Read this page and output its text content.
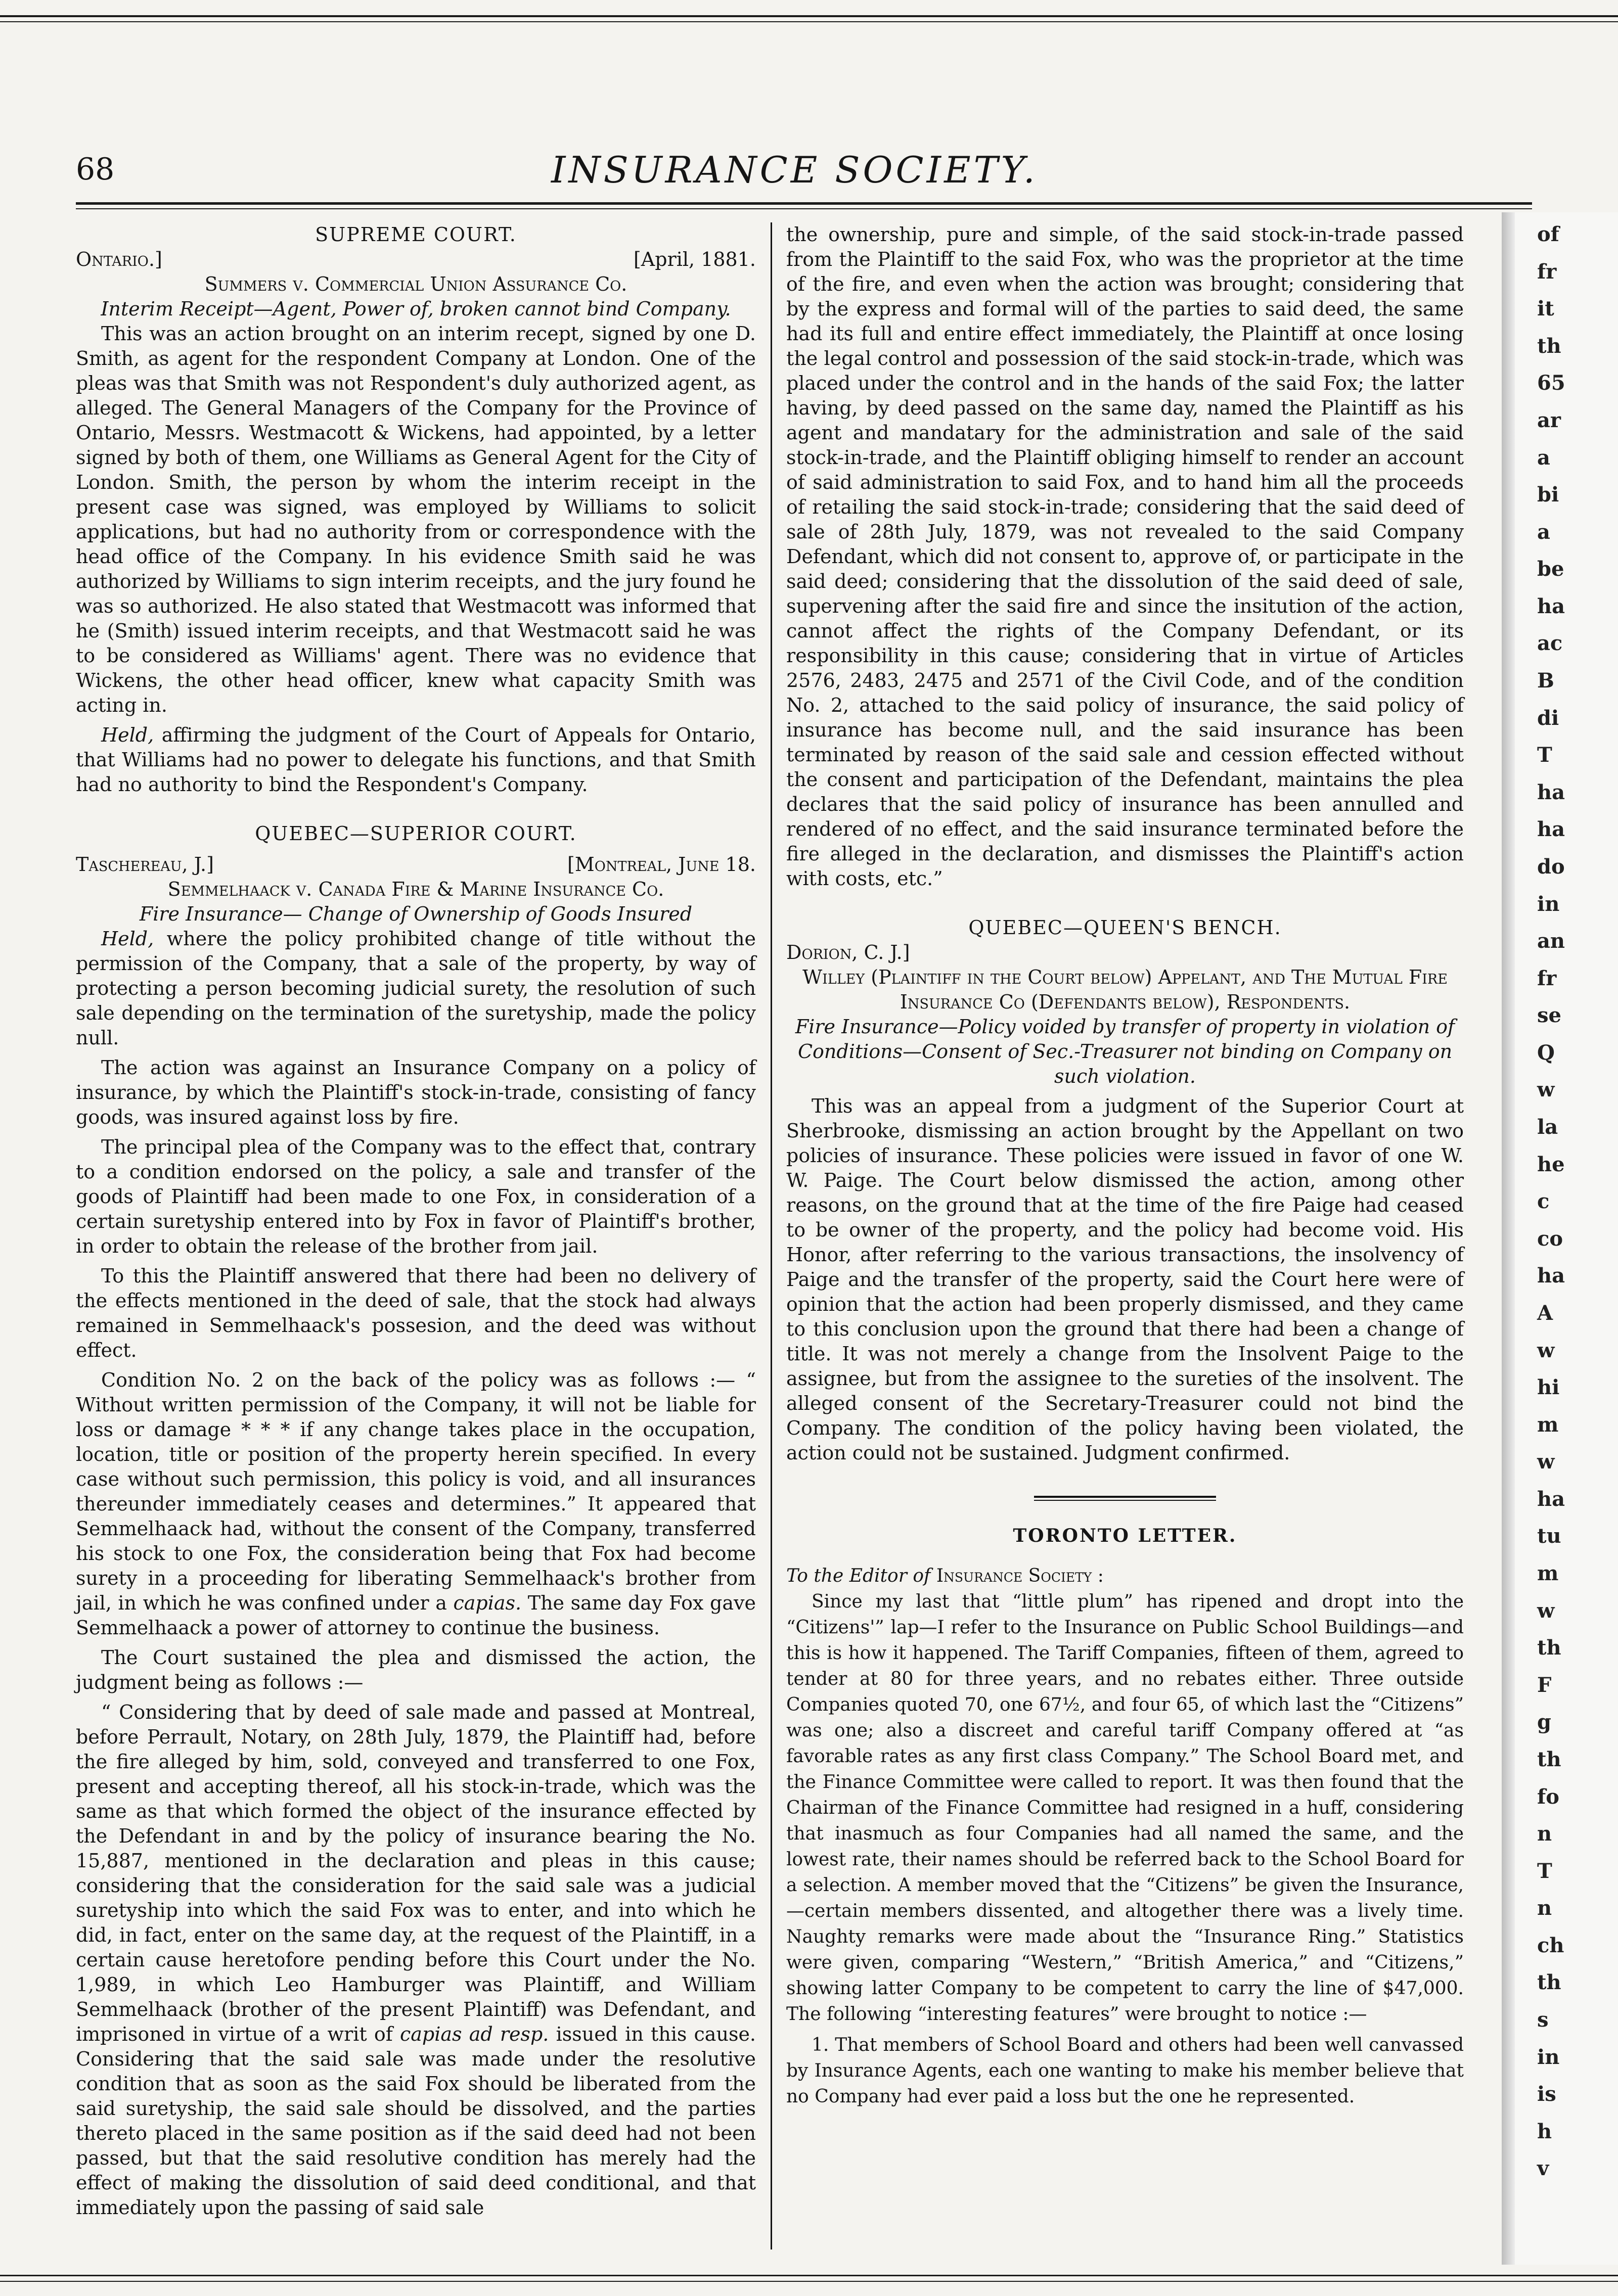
68	INSURANCE SOCIETY.

SUPREME COURT.

Ontario.]	[April, 1881.

Summers v. Commercial Union Assurance Co.

Interim Receipt—Agent, Power of, broken cannot bind Company.

This was an action brought on an interim recept, signed by one D. Smith, as agent for the respondent Company at London. One of the pleas was that Smith was not Respondent's duly authorized agent, as alleged. The General Managers of the Company for the Province of Ontario, Messrs. Westmacott & Wickens, had appointed, by a letter signed by both of them, one Williams as General Agent for the City of London. Smith, the person by whom the interim receipt in the present case was signed, was employed by Williams to solicit applications, but had no authority from or correspondence with the head office of the Company. In his evidence Smith said he was authorized by Williams to sign interim receipts, and the jury found he was so authorized. He also stated that Westmacott was informed that he (Smith) issued interim receipts, and that Westmacott said he was to be considered as Williams' agent. There was no evidence that Wickens, the other head officer, knew what capacity Smith was acting in.

Held, affirming the judgment of the Court of Appeals for Ontario, that Williams had no power to delegate his functions, and that Smith had no authority to bind the Respondent's Company.

QUEBEC—SUPERIOR COURT.

Taschereau, J.]	[Montreal, June 18.

Semmelhaack v. Canada Fire & Marine Insurance Co.

Fire Insurance— Change of Ownership of Goods Insured

Held, where the policy prohibited change of title without the permission of the Company, that a sale of the property, by way of protecting a person becoming judicial surety, the resolution of such sale depending on the termination of the suretyship, made the policy null.

The action was against an Insurance Company on a policy of insurance, by which the Plaintiff's stock-in-trade, consisting of fancy goods, was insured against loss by fire.

The principal plea of the Company was to the effect that, contrary to a condition endorsed on the policy, a sale and transfer of the goods of Plaintiff had been made to one Fox, in consideration of a certain suretyship entered into by Fox in favor of Plaintiff's brother, in order to obtain the release of the brother from jail.

To this the Plaintiff answered that there had been no delivery of the effects mentioned in the deed of sale, that the stock had always remained in Semmelhaack's possesion, and the deed was without effect.

Condition No. 2 on the back of the policy was as follows :— “ Without written permission of the Company, it will not be liable for loss or damage * * * if any change takes place in the occupation, location, title or position of the property herein specified. In every case without such permission, this policy is void, and all insurances thereunder immediately ceases and determines.” It appeared that Semmelhaack had, without the consent of the Company, transferred his stock to one Fox, the consideration being that Fox had become surety in a proceeding for liberating Semmelhaack's brother from jail, in which he was confined under a capias. The same day Fox gave Semmelhaack a power of attorney to continue the business.

The Court sustained the plea and dismissed the action, the judgment being as follows :—

“ Considering that by deed of sale made and passed at Montreal, before Perrault, Notary, on 28th July, 1879, the Plaintiff had, before the fire alleged by him, sold, conveyed and transferred to one Fox, present and accepting thereof, all his stock-in-trade, which was the same as that which formed the object of the insurance effected by the Defendant in and by the policy of insurance bearing the No. 15,887, mentioned in the declaration and pleas in this cause; considering that the consideration for the said sale was a judicial suretyship into which the said Fox was to enter, and into which he did, in fact, enter on the same day, at the request of the Plaintiff, in a certain cause heretofore pending before this Court under the No. 1,989, in which Leo Hamburger was Plaintiff, and William Semmelhaack (brother of the present Plaintiff) was Defendant, and imprisoned in virtue of a writ of capias ad resp. issued in this cause. Considering that the said sale was made under the resolutive condition that as soon as the said Fox should be liberated from the said suretyship, the said sale should be dissolved, and the parties thereto placed in the same position as if the said deed had not been passed, but that the said resolutive condition has merely had the effect of making the dissolution of said deed conditional, and that immediately upon the passing of said sale

the ownership, pure and simple, of the said stock-in-trade passed from the Plaintiff to the said Fox, who was the proprietor at the time of the fire, and even when the action was brought; considering that by the express and formal will of the parties to said deed, the same had its full and entire effect immediately, the Plaintiff at once losing the legal control and possession of the said stock-in-trade, which was placed under the control and in the hands of the said Fox; the latter having, by deed passed on the same day, named the Plaintiff as his agent and mandatary for the administration and sale of the said stock-in-trade, and the Plaintiff obliging himself to render an account of said administration to said Fox, and to hand him all the proceeds of retailing the said stock-in-trade; considering that the said deed of sale of 28th July, 1879, was not revealed to the said Company Defendant, which did not consent to, approve of, or participate in the said deed; considering that the dissolution of the said deed of sale, supervening after the said fire and since the insitution of the action, cannot affect the rights of the Company Defendant, or its responsibility in this cause; considering that in virtue of Articles 2576, 2483, 2475 and 2571 of the Civil Code, and of the condition No. 2, attached to the said policy of insurance, the said policy of insurance has become null, and the said insurance has been terminated by reason of the said sale and cession effected without the consent and participation of the Defendant, maintains the plea declares that the said policy of insurance has been annulled and rendered of no effect, and the said insurance terminated before the fire alleged in the declaration, and dismisses the Plaintiff's action with costs, etc.”

QUEBEC—QUEEN'S BENCH.

Dorion, C. J.]

Willey (Plaintiff in the Court below) Appelant, and The Mutual Fire Insurance Co (Defendants below), Respondents.

Fire Insurance—Policy voided by transfer of property in violation of Conditions—Consent of Sec.-Treasurer not binding on Company on such violation.

This was an appeal from a judgment of the Superior Court at Sherbrooke, dismissing an action brought by the Appellant on two policies of insurance. These policies were issued in favor of one W. W. Paige. The Court below dismissed the action, among other reasons, on the ground that at the time of the fire Paige had ceased to be owner of the property, and the policy had become void. His Honor, after referring to the various transactions, the insolvency of Paige and the transfer of the property, said the Court here were of opinion that the action had been properly dismissed, and they came to this conclusion upon the ground that there had been a change of title. It was not merely a change from the Insolvent Paige to the assignee, but from the assignee to the sureties of the insolvent. The alleged consent of the Secretary-Treasurer could not bind the Company. The condition of the policy having been violated, the action could not be sustained. Judgment confirmed.

TORONTO LETTER.

To the Editor of Insurance Society :

Since my last that “little plum” has ripened and dropt into the “Citizens'” lap—I refer to the Insurance on Public School Buildings—and this is how it happened. The Tariff Companies, fifteen of them, agreed to tender at 80 for three years, and no rebates either. Three outside Companies quoted 70, one 67½, and four 65, of which last the “Citizens” was one; also a discreet and careful tariff Company offered at “as favorable rates as any first class Company.” The School Board met, and the Finance Committee were called to report. It was then found that the Chairman of the Finance Committee had resigned in a huff, considering that inasmuch as four Companies had all named the same, and the lowest rate, their names should be referred back to the School Board for a selection. A member moved that the “Citizens” be given the Insurance,—certain members dissented, and altogether there was a lively time. Naughty remarks were made about the “Insurance Ring.” Statistics were given, comparing “Western,” “British America,” and “Citizens,” showing latter Company to be competent to carry the line of $47,000. The following “interesting features” were brought to notice :—

1. That members of School Board and others had been well canvassed by Insurance Agents, each one wanting to make his member believe that no Company had ever paid a loss but the one he represented.

of
fr
it
th
65
ar
a
bi
a
be
ha
ac
B
di
T
ha
ha
do
in
an
fr
se
Q
w
la
he
c
co
ha
A
w
hi
m
w
ha
tu
m
w
th
F
g
th
fo
n
T
n
ch
th
s
in
is
h
v
